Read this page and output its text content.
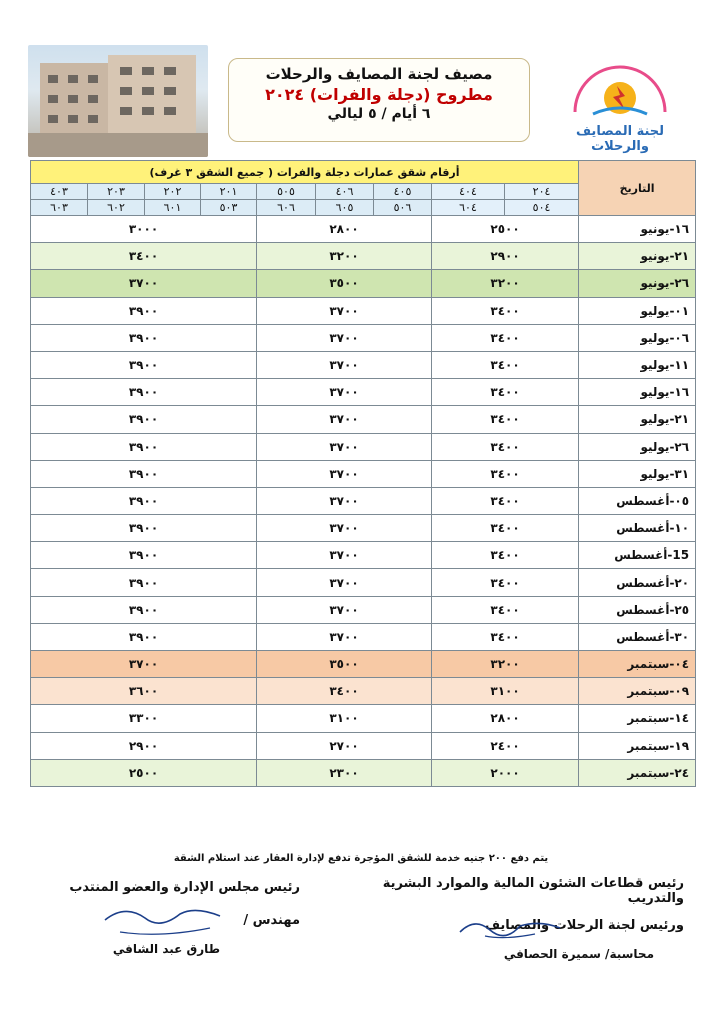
مصيف لجنة المصايف والرحلات
مطروح (دجلة والفرات) ٢٠٢٤
٦ أيام / ٥ ليالي
لجنة المصايف والرحلات
أرقام شقق عمارات دجلة والفرات ( جميع الشقق ٣ غرف)									التاريخ
٤٠٣	٢٠٣	٢٠٢	٢٠١	٥٠٥	٤٠٦	٤٠٥	٤٠٤	٢٠٤	
٦٠٣	٦٠٢	٦٠١	٥٠٣	٦٠٦	٦٠٥	٥٠٦	٦٠٤	٥٠٤	
٣٠٠٠				٢٨٠٠			٢٥٠٠		١٦-يونيو
٣٤٠٠				٣٢٠٠			٢٩٠٠		٢١-يونيو
٣٧٠٠				٣٥٠٠			٣٢٠٠		٢٦-يونيو
٣٩٠٠				٣٧٠٠			٣٤٠٠		٠١-يوليو
٣٩٠٠				٣٧٠٠			٣٤٠٠		٠٦-يوليو
٣٩٠٠				٣٧٠٠			٣٤٠٠		١١-يوليو
٣٩٠٠				٣٧٠٠			٣٤٠٠		١٦-يوليو
٣٩٠٠				٣٧٠٠			٣٤٠٠		٢١-يوليو
٣٩٠٠				٣٧٠٠			٣٤٠٠		٢٦-يوليو
٣٩٠٠				٣٧٠٠			٣٤٠٠		٣١-يوليو
٣٩٠٠				٣٧٠٠			٣٤٠٠		٠٥-أغسطس
٣٩٠٠				٣٧٠٠			٣٤٠٠		١٠-أغسطس
٣٩٠٠				٣٧٠٠			٣٤٠٠		15-أغسطس
٣٩٠٠				٣٧٠٠			٣٤٠٠		٢٠-أغسطس
٣٩٠٠				٣٧٠٠			٣٤٠٠		٢٥-أغسطس
٣٩٠٠				٣٧٠٠			٣٤٠٠		٣٠-أغسطس
٣٧٠٠				٣٥٠٠			٣٢٠٠		٠٤-سبتمبر
٣٦٠٠				٣٤٠٠			٣١٠٠		٠٩-سبتمبر
٣٣٠٠				٣١٠٠			٢٨٠٠		١٤-سبتمبر
٢٩٠٠				٢٧٠٠			٢٤٠٠		١٩-سبتمبر
٢٥٠٠				٢٣٠٠			٢٠٠٠		٢٤-سبتمبر
يتم دفع ٢٠٠ جنيه خدمة للشقق المؤجرة تدفع لإدارة العقار عند استلام الشقة
رئيس قطاعات الشئون المالية والموارد البشرية والتدريب
ورئيس لجنة الرحلات والمصايف
محاسبة/ سميرة الحصافي
رئيس مجلس الإدارة والعضو المنتدب
مهندس /
طارق عبد الشافي
